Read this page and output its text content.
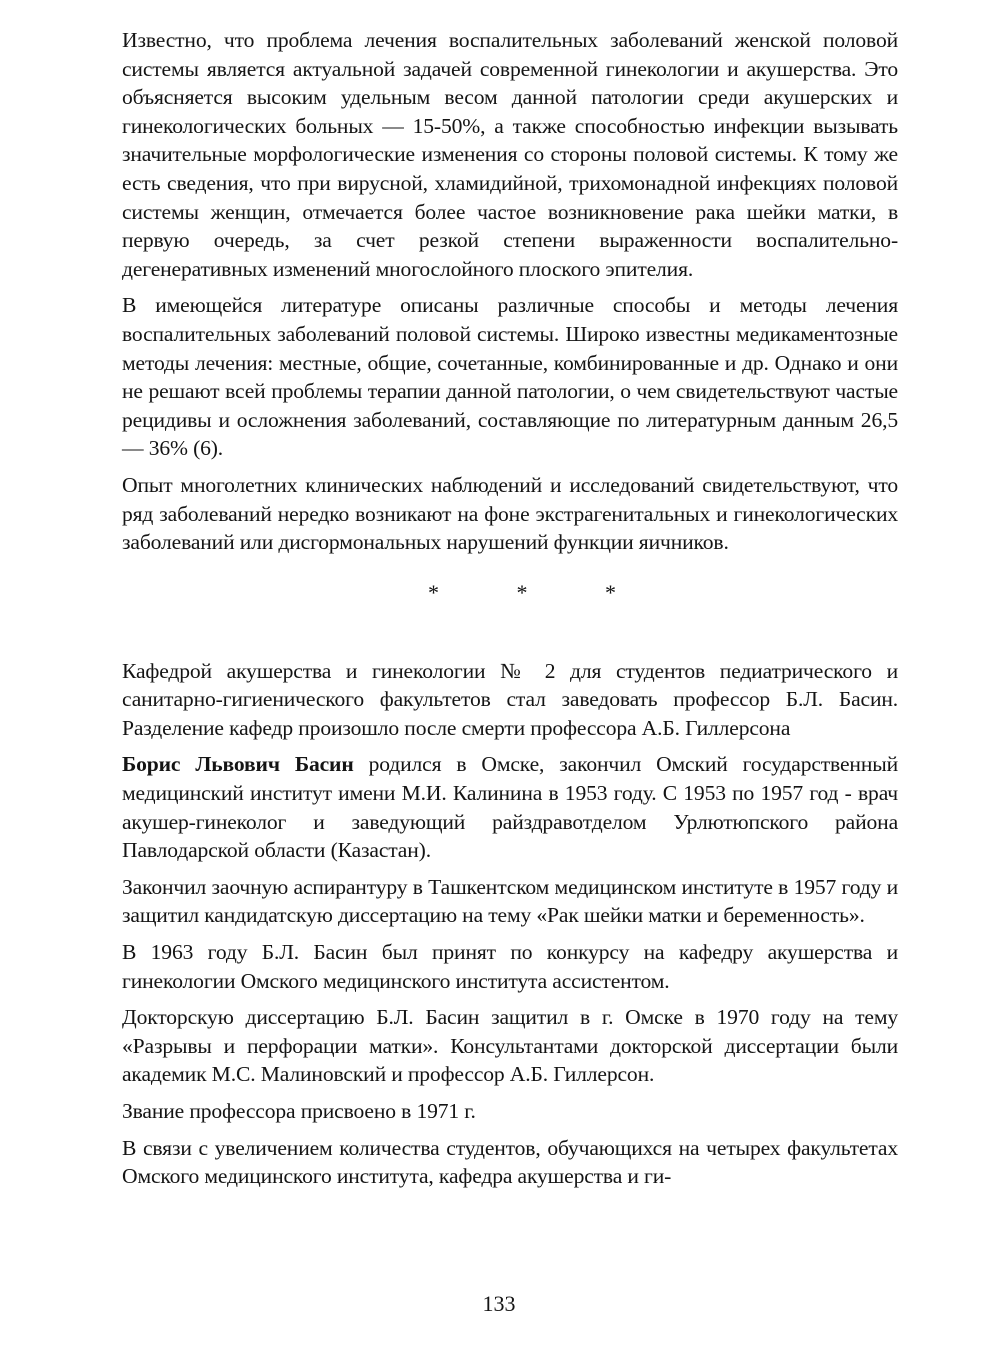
Известно, что проблема лечения воспалительных заболеваний женской половой системы является актуальной задачей современной гинекологии и акушерства. Это объясняется высоким удельным весом данной патологии среди акушерских и гинекологических больных — 15-50%, а также способностью инфекции вызывать значительные морфологические изменения со стороны половой системы. К тому же есть сведения, что при вирусной, хламидийной, трихомонадной инфекциях половой системы женщин, отмечается более частое возникновение рака шейки матки, в первую очередь, за счет резкой степени выраженности воспалительно-дегенеративных изменений многослойного плоского эпителия.

В имеющейся литературе описаны различные способы и методы лечения воспалительных заболеваний половой системы. Широко известны медикаментозные методы лечения: местные, общие, сочетанные, комбинированные и др. Однако и они не решают всей проблемы терапии данной патологии, о чем свидетельствуют частые рецидивы и осложнения заболеваний, составляющие по литературным данным 26,5 — 36% (6).

Опыт многолетних клинических наблюдений и исследований свидетельствуют, что ряд заболеваний нередко возникают на фоне экстрагенитальных и гинекологических заболеваний или дисгормональных нарушений функции яичников.

* * *

Кафедрой акушерства и гинекологии № 2 для студентов педиатрического и санитарно-гигиенического факультетов стал заведовать профессор Б.Л. Басин. Разделение кафедр произошло после смерти профессора А.Б. Гиллерсона

Борис Львович Басин родился в Омске, закончил Омский государственный медицинский институт имени М.И. Калинина в 1953 году. С 1953 по 1957 год - врач акушер-гинеколог и заведующий райздравотделом Урлютюпского района Павлодарской области (Казастан).

Закончил заочную аспирантуру в Ташкентском медицинском институте в 1957 году и защитил кандидатскую диссертацию на тему «Рак шейки матки и беременность».

В 1963 году Б.Л. Басин был принят по конкурсу на кафедру акушерства и гинекологии Омского медицинского института ассистентом.

Докторскую диссертацию Б.Л. Басин защитил в г. Омске в 1970 году на тему «Разрывы и перфорации матки». Консультантами докторской диссертации были академик М.С. Малиновский и профессор А.Б. Гиллерсон.

Звание профессора присвоено в 1971 г.

В связи с увеличением количества студентов, обучающихся на четырех факультетах Омского медицинского института, кафедра акушерства и ги-

133
